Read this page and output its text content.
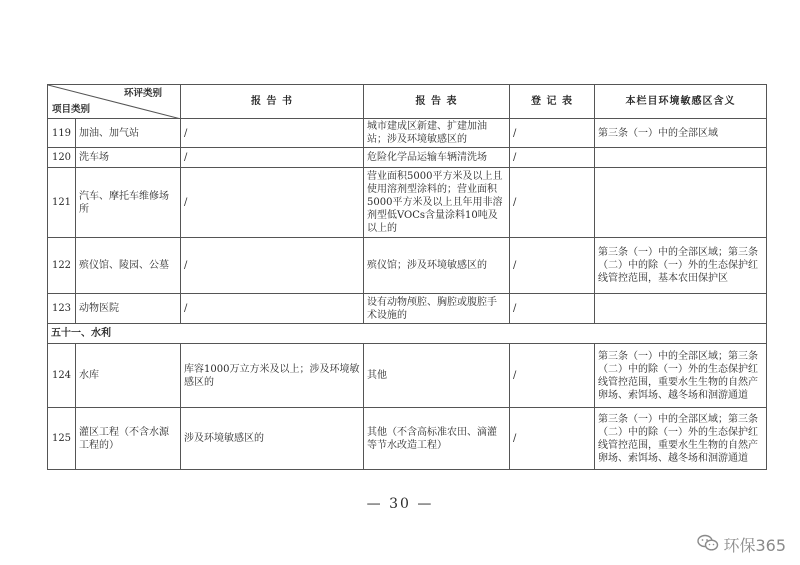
环评类别
项目类别		报 告 书	报 告 表	登 记 表	本栏目环境敏感区含义
119	加油、加气站	/	城市建成区新建、扩建加油站；涉及环境敏感区的	/	第三条（一）中的全部区域
120	洗车场	/	危险化学品运输车辆清洗场	/	
121	汽车、摩托车维修场所	/	营业面积5000平方米及以上且使用溶剂型涂料的；营业面积5000平方米及以上且年用非溶剂型低VOCs含量涂料10吨及以上的	/	
122	殡仪馆、陵园、公墓	/	殡仪馆；涉及环境敏感区的	/	第三条（一）中的全部区域；第三条（二）中的除（一）外的生态保护红线管控范围，基本农田保护区
123	动物医院	/	设有动物颅腔、胸腔或腹腔手术设施的	/	
五十一、水利					
124	水库	库容1000万立方米及以上；涉及环境敏感区的	其他	/	第三条（一）中的全部区域；第三条（二）中的除（一）外的生态保护红线管控范围，重要水生生物的自然产卵场、索饵场、越冬场和洄游通道
125	灌区工程（不含水源工程的）	涉及环境敏感区的	其他（不含高标准农田、滴灌等节水改造工程）	/	第三条（一）中的全部区域；第三条（二）中的除（一）外的生态保护红线管控范围，重要水生生物的自然产卵场、索饵场、越冬场和洄游通道
— 30 —
环保365
